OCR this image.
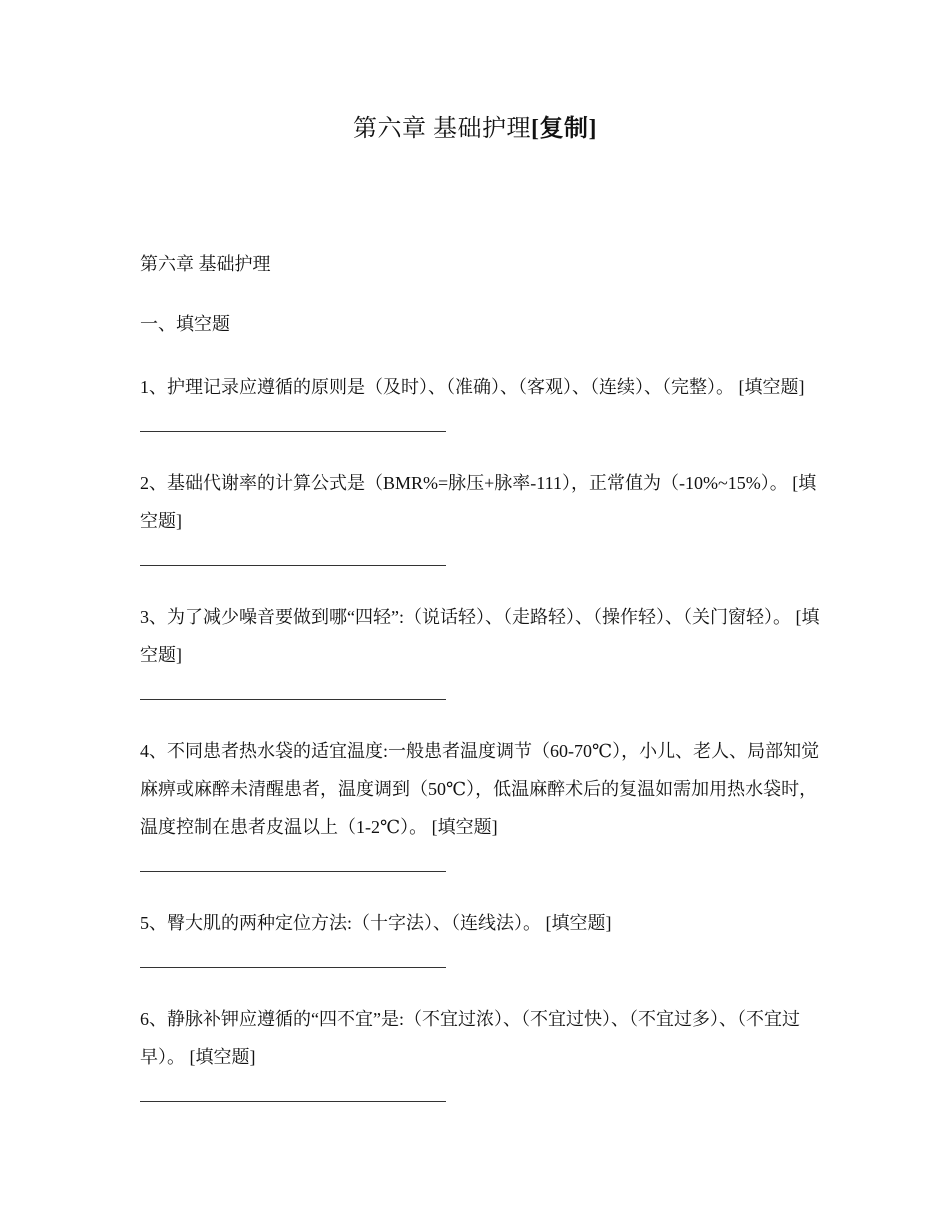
第六章 基础护理[复制]
第六章 基础护理
一、填空题

1、护理记录应遵循的原则是（及时）、（准确）、（客观）、（连续）、（完整）。 [填空题]

2、基础代谢率的计算公式是（BMR%=脉压+脉率-111），正常值为（-10%~15%）。 [填空题]

3、为了减少噪音要做到哪“四轻”:（说话轻）、（走路轻）、（操作轻）、（关门窗轻）。 [填空题]

4、不同患者热水袋的适宜温度:一般患者温度调节（60-70℃），小儿、老人、局部知觉麻痹或麻醉未清醒患者，温度调到（50℃），低温麻醉术后的复温如需加用热水袋时，温度控制在患者皮温以上（1-2℃）。 [填空题]

5、臀大肌的两种定位方法:（十字法）、（连线法）。 [填空题]

6、静脉补钾应遵循的“四不宜”是:（不宜过浓）、（不宜过快）、（不宜过多）、（不宜过早）。 [填空题]
